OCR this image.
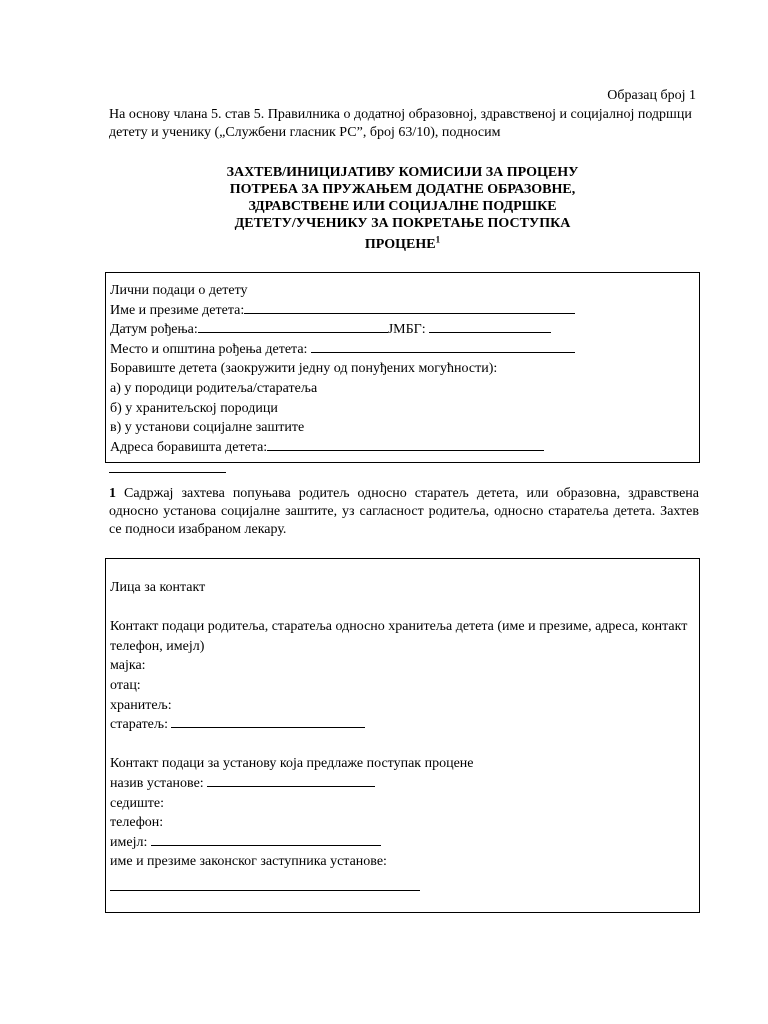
Образац број 1
На основу члана 5. став 5. Правилника о додатној образовној, здравственој и социјалној подршци детету и ученику („Службени гласник РС”, број 63/10), подносим
ЗАХТЕВ/ИНИЦИЈАТИВУ КОМИСИЈИ ЗА ПРОЦЕНУ
ПОТРЕБА ЗА ПРУЖАЊЕМ ДОДАТНЕ ОБРАЗОВНЕ,
ЗДРАВСТВЕНЕ ИЛИ СОЦИЈАЛНЕ ПОДРШКЕ
ДЕТЕТУ/УЧЕНИКУ ЗА ПОКРЕТАЊЕ ПОСТУПКА
ПРОЦЕНЕ$^1$
Лични подаци о детету
Име и презиме детета:
Датум рођења:	ЈМБГ:
Место и општина рођења детета:
Боравиште детета (заокружити једну од понуђених могућности):
а) у породици родитеља/старатеља
б) у хранитељској породици
в) у установи социјалне заштите
Адреса боравишта детета:
1 Садржај захтева попуњава родитељ односно старатељ детета, или образовна, здравствена односно установа социјалне заштите, уз сагласност родитеља, односно старатеља детета. Захтев се подноси изабраном лекару.
Лица за контакт
Контакт подаци родитеља, старатеља односно хранитеља детета (име и презиме, адреса, контакт телефон, имејл)
мајка:
отац:
хранитељ:
старатељ:
Контакт подаци за установу која предлаже поступак процене
назив установе:
седиште:
телефон:
имејл:
име и презиме законског заступника установе:
